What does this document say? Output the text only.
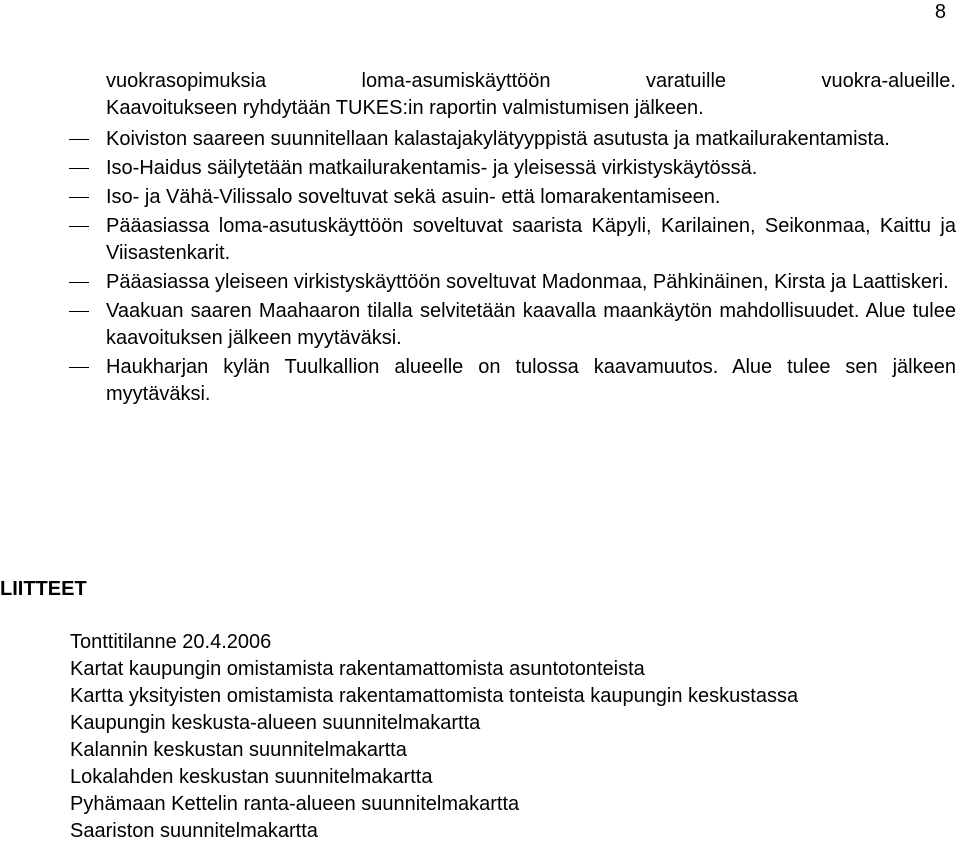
8
vuokrasopimuksia loma-asumiskäyttöön varatuille vuokra-alueille.
Kaavoitukseen ryhdytään TUKES:in raportin valmistumisen jälkeen.
Koiviston saareen suunnitellaan kalastajakylätyyppistä asutusta ja matkailurakentamista.
Iso-Haidus säilytetään matkailurakentamis- ja yleisessä virkistyskäytössä.
Iso- ja Vähä-Vilissalo soveltuvat sekä asuin- että lomarakentamiseen.
Pääasiassa loma-asutuskäyttöön soveltuvat saarista Käpyli, Karilainen, Seikonmaa, Kaittu ja Viisastenkarit.
Pääasiassa yleiseen virkistyskäyttöön soveltuvat Madonmaa, Pähkinäinen, Kirsta ja Laattiskeri.
Vaakuan saaren Maahaaron tilalla selvitetään kaavalla maankäytön mahdollisuudet. Alue tulee kaavoituksen jälkeen myytäväksi.
Haukharjan kylän Tuulkallion alueelle on tulossa kaavamuutos. Alue tulee sen jälkeen myytäväksi.
LIITTEET
Tonttitilanne 20.4.2006
Kartat kaupungin omistamista rakentamattomista asuntotonteista
Kartta yksityisten omistamista rakentamattomista tonteista kaupungin keskustassa
Kaupungin keskusta-alueen suunnitelmakartta
Kalannin keskustan suunnitelmakartta
Lokalahden keskustan suunnitelmakartta
Pyhämaan Kettelin ranta-alueen suunnitelmakartta
Saariston suunnitelmakartta
